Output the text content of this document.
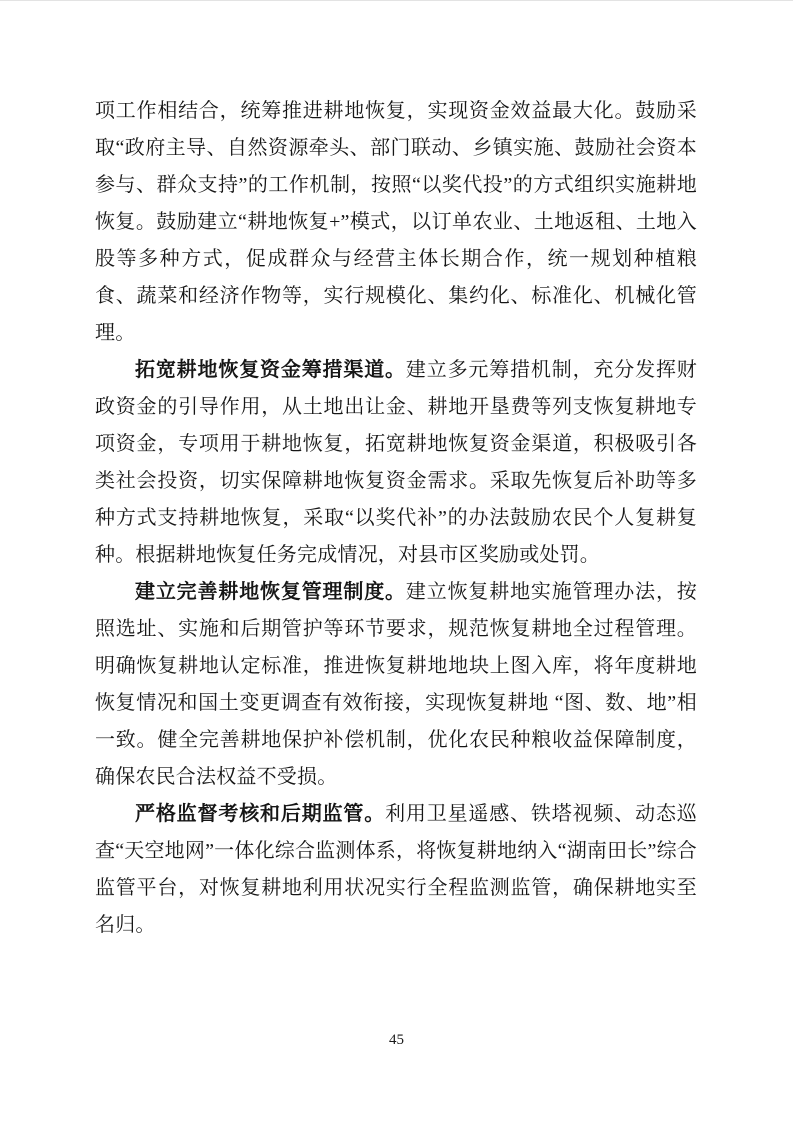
项工作相结合，统筹推进耕地恢复，实现资金效益最大化。鼓励采取“政府主导、自然资源牵头、部门联动、乡镇实施、鼓励社会资本参与、群众支持”的工作机制，按照“以奖代投”的方式组织实施耕地恢复。鼓励建立“耕地恢复+”模式，以订单农业、土地返租、土地入股等多种方式，促成群众与经营主体长期合作，统一规划种植粮食、蔬菜和经济作物等，实行规模化、集约化、标准化、机械化管理。

拓宽耕地恢复资金筹措渠道。建立多元筹措机制，充分发挥财政资金的引导作用，从土地出让金、耕地开垦费等列支恢复耕地专项资金，专项用于耕地恢复，拓宽耕地恢复资金渠道，积极吸引各类社会投资，切实保障耕地恢复资金需求。采取先恢复后补助等多种方式支持耕地恢复，采取“以奖代补”的办法鼓励农民个人复耕复种。根据耕地恢复任务完成情况，对县市区奖励或处罚。

建立完善耕地恢复管理制度。建立恢复耕地实施管理办法，按照选址、实施和后期管护等环节要求，规范恢复耕地全过程管理。明确恢复耕地认定标准，推进恢复耕地地块上图入库，将年度耕地恢复情况和国土变更调查有效衔接，实现恢复耕地 “图、数、地”相一致。健全完善耕地保护补偿机制，优化农民种粮收益保障制度，确保农民合法权益不受损。

严格监督考核和后期监管。利用卫星遥感、铁塔视频、动态巡查“天空地网”一体化综合监测体系，将恢复耕地纳入“湖南田长”综合监管平台，对恢复耕地利用状况实行全程监测监管，确保耕地实至名归。

45
